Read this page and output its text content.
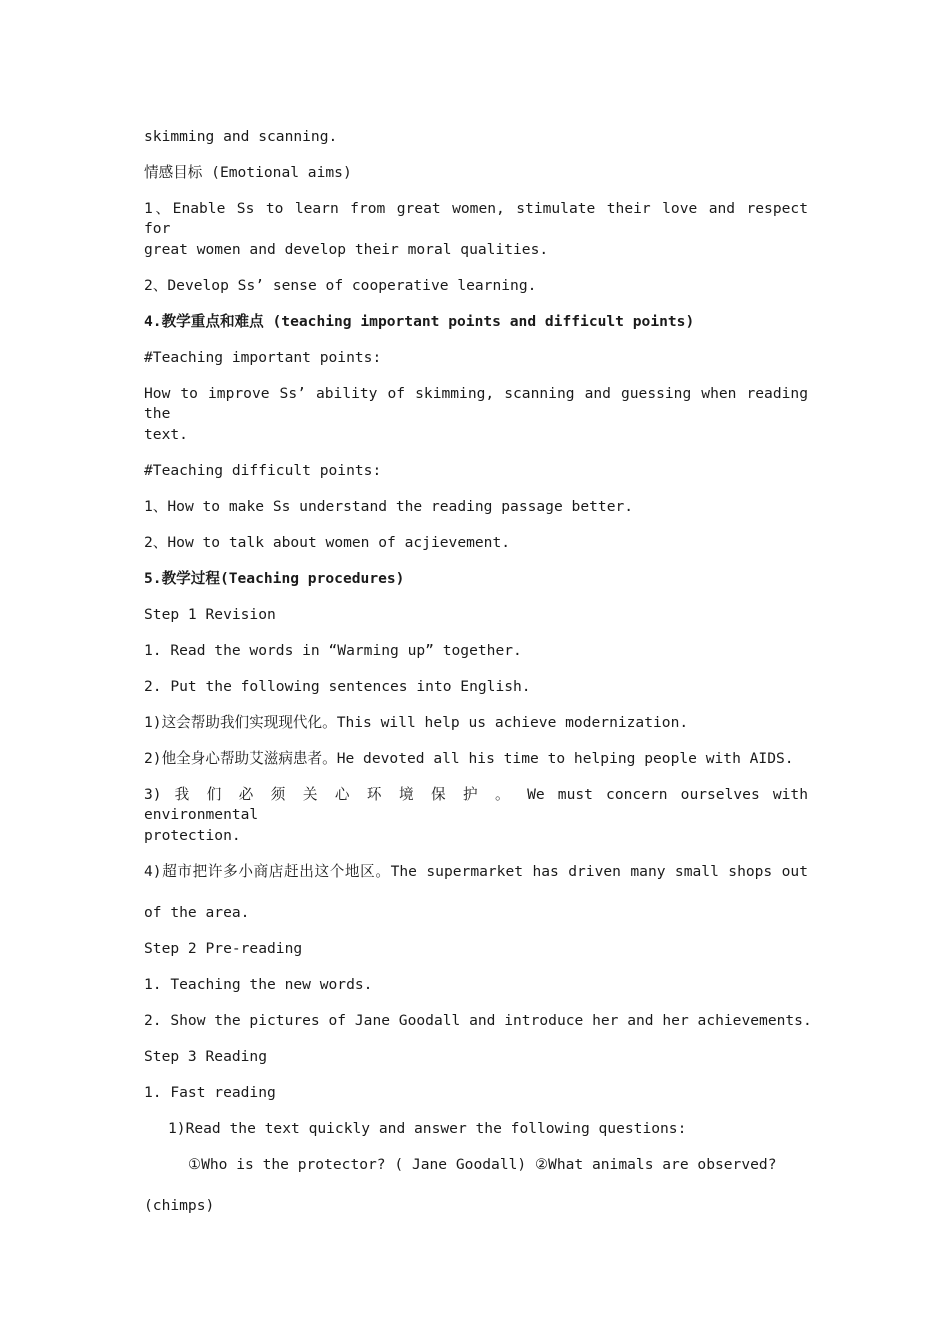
skimming and scanning.
情感目标 (Emotional aims)
1、Enable Ss to learn from great women, stimulate their love and respect for
great women and develop their moral qualities.
2、Develop Ss’ sense of cooperative learning.
4.教学重点和难点 (teaching important points and difficult points)
#Teaching important points:
How to improve Ss’ ability of skimming, scanning and guessing when reading the
text.
#Teaching difficult points:
1、How to make Ss understand the reading passage better.
2、How to talk about women of acjievement.
5.教学过程(Teaching procedures)
Step 1 Revision
1. Read the words in “Warming up” together.
2. Put the following sentences into English.
1)这会帮助我们实现现代化。This will help us achieve modernization.
2)他全身心帮助艾滋病患者。He devoted all his time to helping people with AIDS.
3) 我 们 必 须 关 心 环 境 保 护 。 We must concern ourselves with environmental
protection.
4)超市把许多小商店赶出这个地区。The supermarket has driven many small shops out
of the area.
Step 2 Pre-reading
1. Teaching the new words.
2. Show the pictures of Jane Goodall and introduce her and her achievements.
Step 3 Reading
1. Fast reading
1)Read the text quickly and answer the following questions:
①Who is the protector? ( Jane Goodall) ②What animals are observed?
(chimps)
